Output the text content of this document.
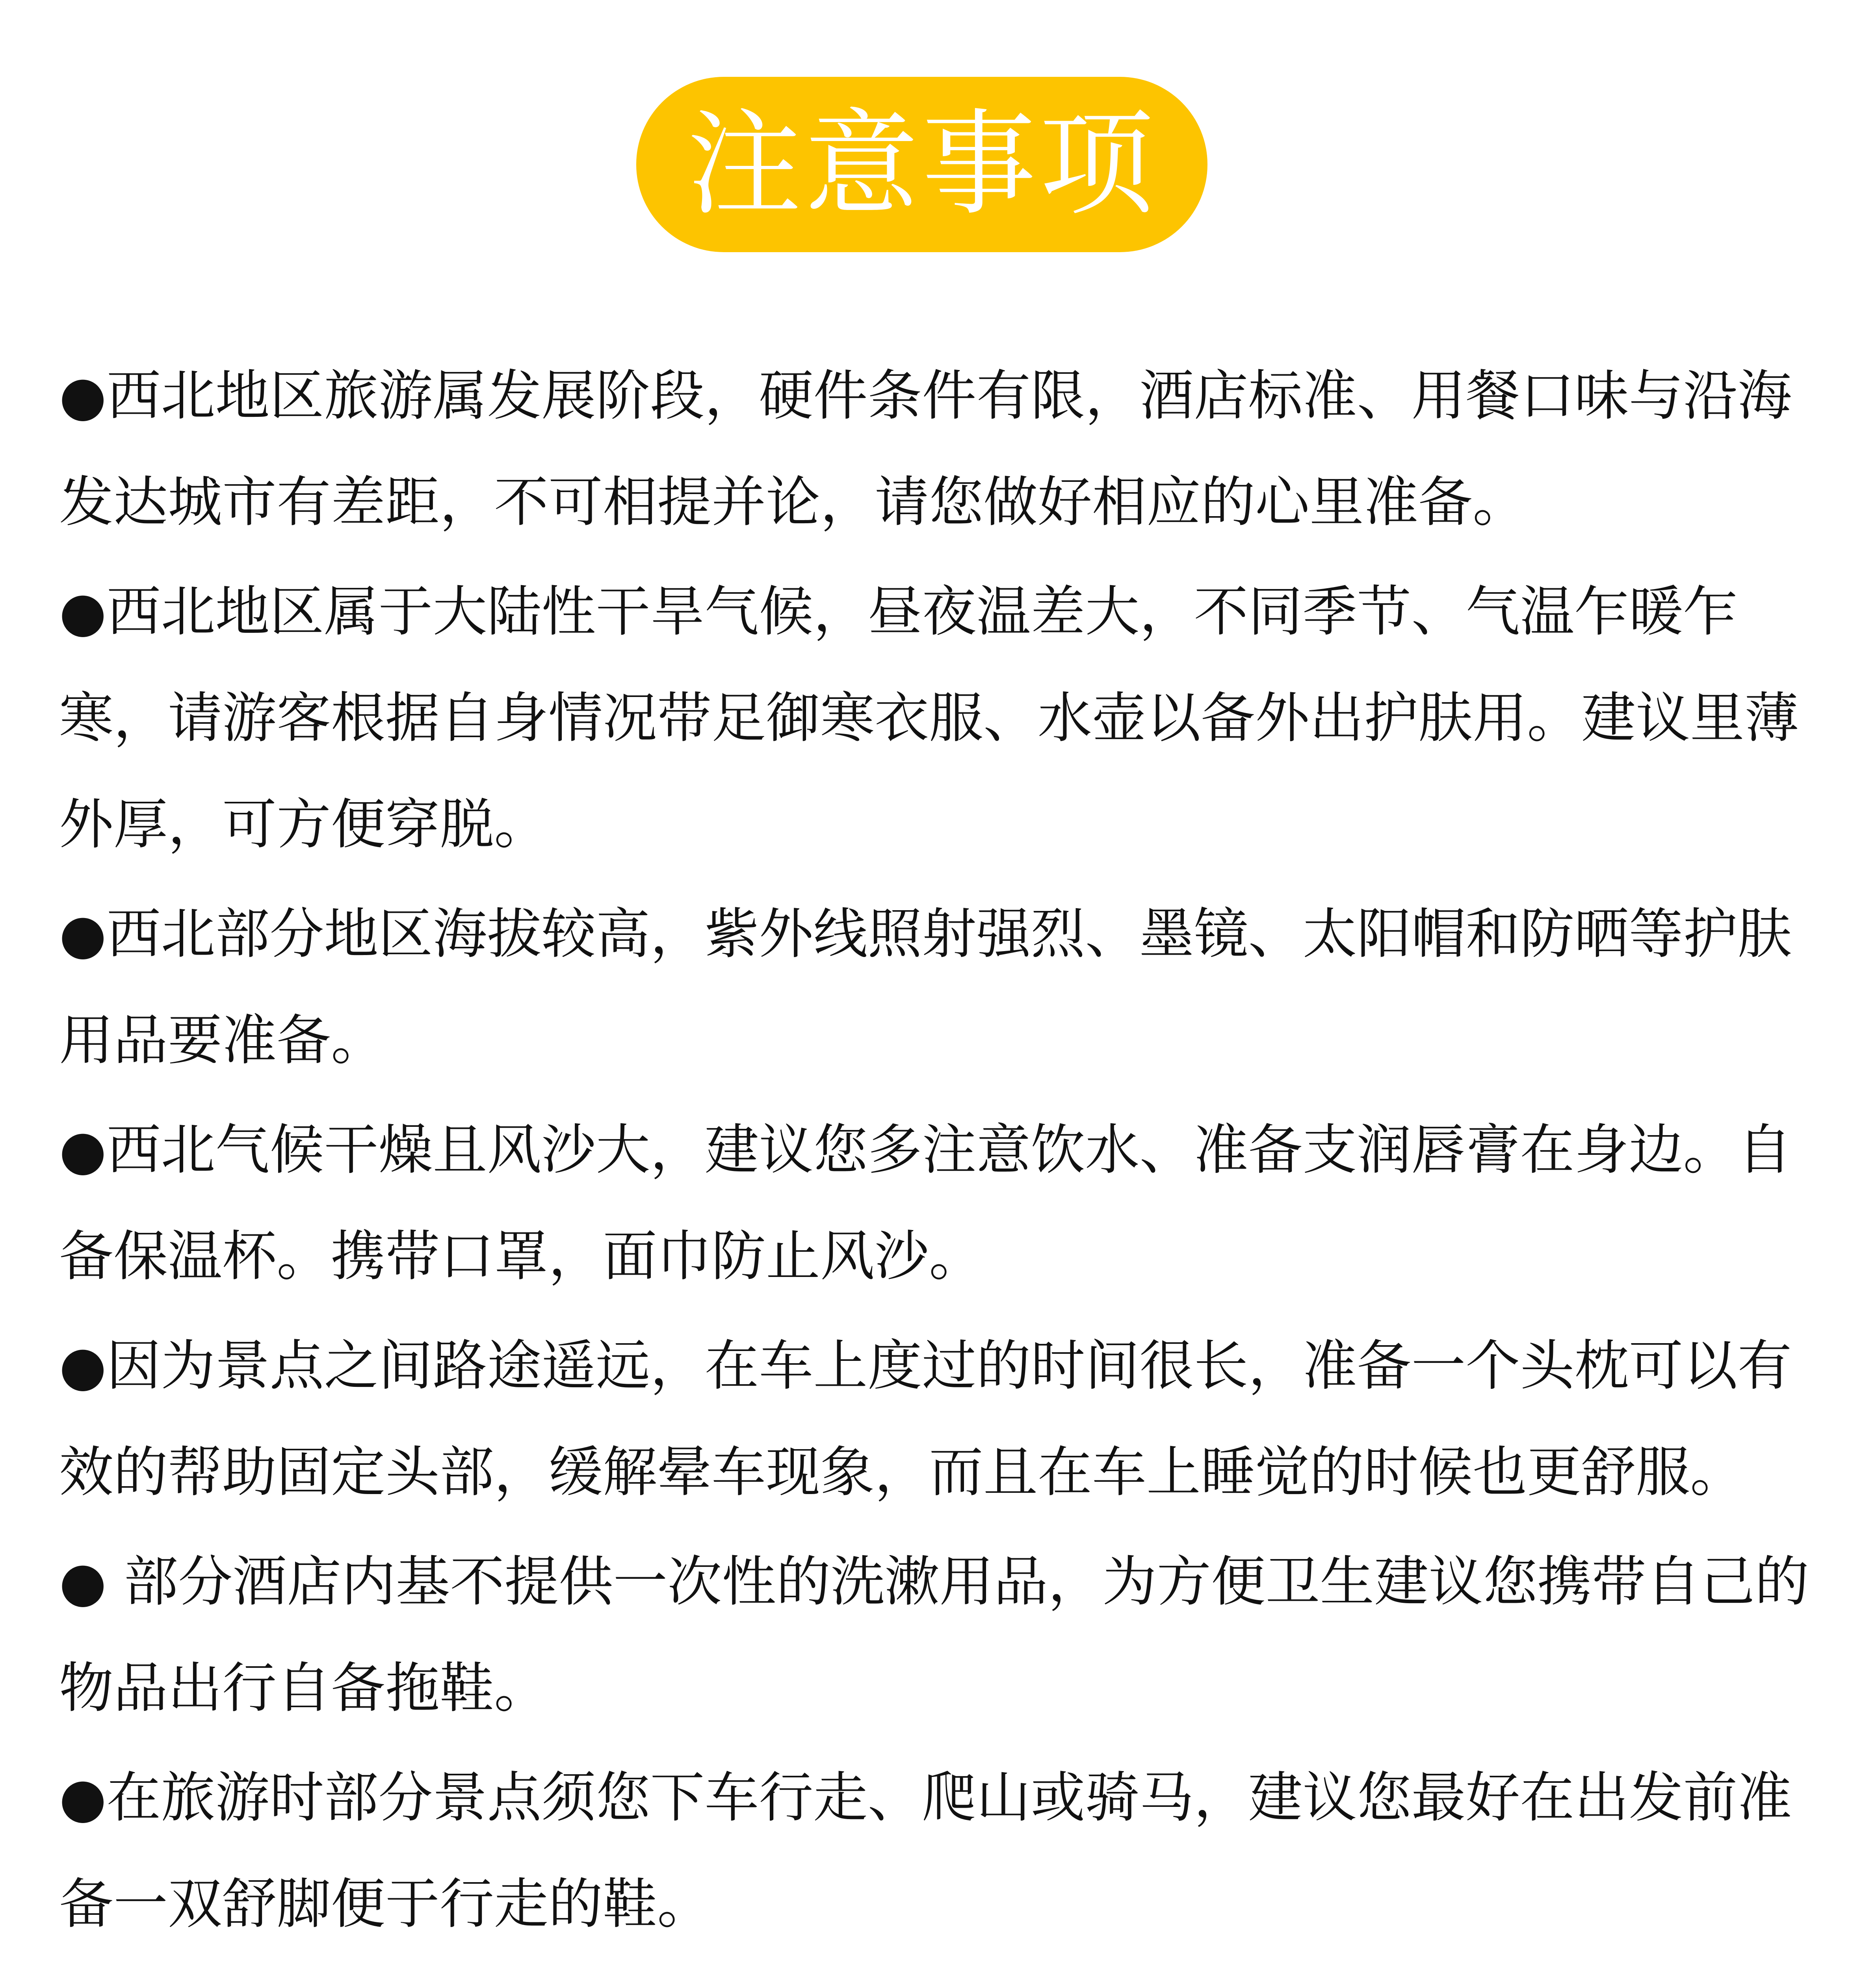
注意事项

●西北地区旅游属发展阶段，硬件条件有限，酒店标准、用餐口味与沿海发达城市有差距，不可相提并论，请您做好相应的心里准备。

●西北地区属于大陆性干旱气候，昼夜温差大，不同季节、气温乍暖乍寒，请游客根据自身情况带足御寒衣服、水壶以备外出护肤用。建议里薄外厚，可方便穿脱。

●西北部分地区海拔较高，紫外线照射强烈、墨镜、太阳帽和防晒等护肤用品要准备。

●西北气候干燥且风沙大，建议您多注意饮水、准备支润唇膏在身边。自备保温杯。携带口罩，面巾防止风沙。

●因为景点之间路途遥远，在车上度过的时间很长，准备一个头枕可以有效的帮助固定头部，缓解晕车现象，而且在车上睡觉的时候也更舒服。

● 部分酒店内基不提供一次性的洗漱用品，为方便卫生建议您携带自己的物品出行自备拖鞋。

●在旅游时部分景点须您下车行走、爬山或骑马，建议您最好在出发前准备一双舒脚便于行走的鞋。
